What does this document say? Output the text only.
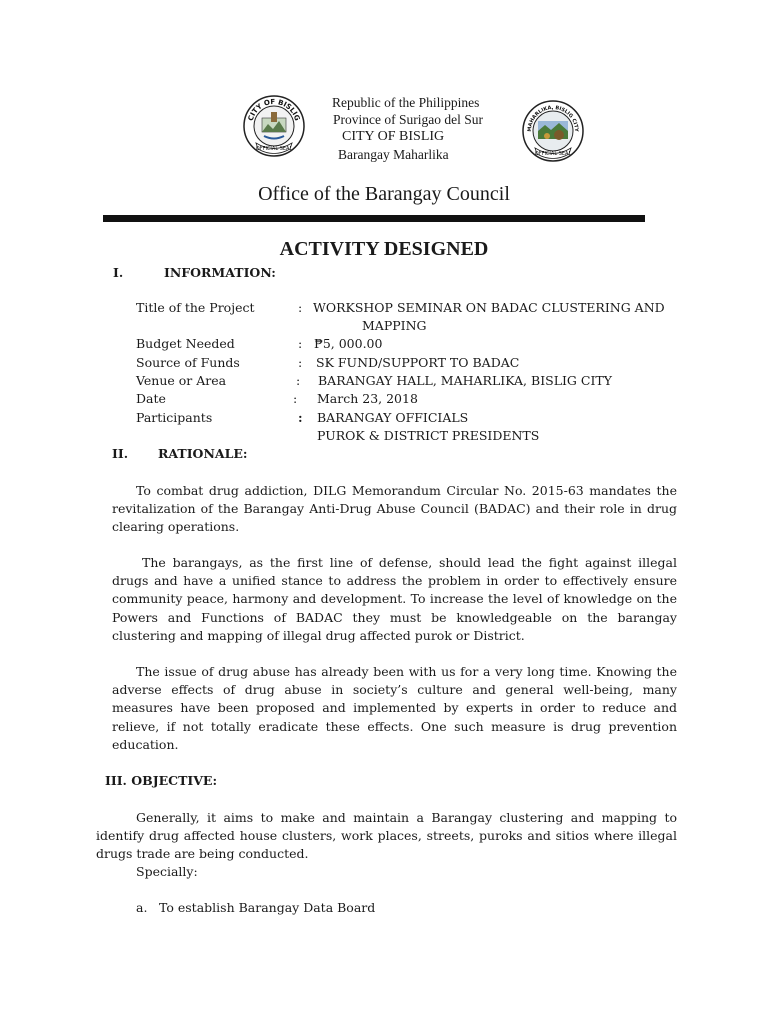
CITY OF BISLIG
OFFICIAL SEAL
Republic of the Philippines
Province of Surigao del Sur
CITY OF BISLIG
Barangay Maharlika
MAHARLIKA, BISLIG CITY
OFFICIAL SEAL
Office of the Barangay Council
ACTIVITY DESIGNED
I.	INFORMATION:
Title of the Project	: WORKSHOP SEMINAR ON BADAC CLUSTERING AND
MAPPING
Budget Needed	: ₱5, 000.00
Source of Funds	: SK FUND/SUPPORT TO BADAC
Venue or Area	: BARANGAY HALL, MAHARLIKA, BISLIG CITY
Date	: March 23, 2018
Participants	: BARANGAY OFFICIALS
PUROK & DISTRICT PRESIDENTS
II. RATIONALE:
To combat drug addiction, DILG Memorandum Circular No. 2015-63 mandates the revitalization of the Barangay Anti-Drug Abuse Council (BADAC) and their role in drug clearing operations.
The barangays, as the first line of defense, should lead the fight against illegal drugs and have a unified stance to address the problem in order to effectively ensure community peace, harmony and development. To increase the level of knowledge on the Powers and Functions of BADAC they must be knowledgeable on the barangay clustering and mapping of illegal drug affected purok or District.
The issue of drug abuse has already been with us for a very long time. Knowing the adverse effects of drug abuse in society’s culture and general well-being, many measures have been proposed and implemented by experts in order to reduce and relieve, if not totally eradicate these effects. One such measure is drug prevention education.
III. OBJECTIVE:
Generally, it aims to make and maintain a Barangay clustering and mapping to identify drug affected house clusters, work places, streets, puroks and sitios where illegal drugs trade are being conducted.
Specially:
a. To establish Barangay Data Board
